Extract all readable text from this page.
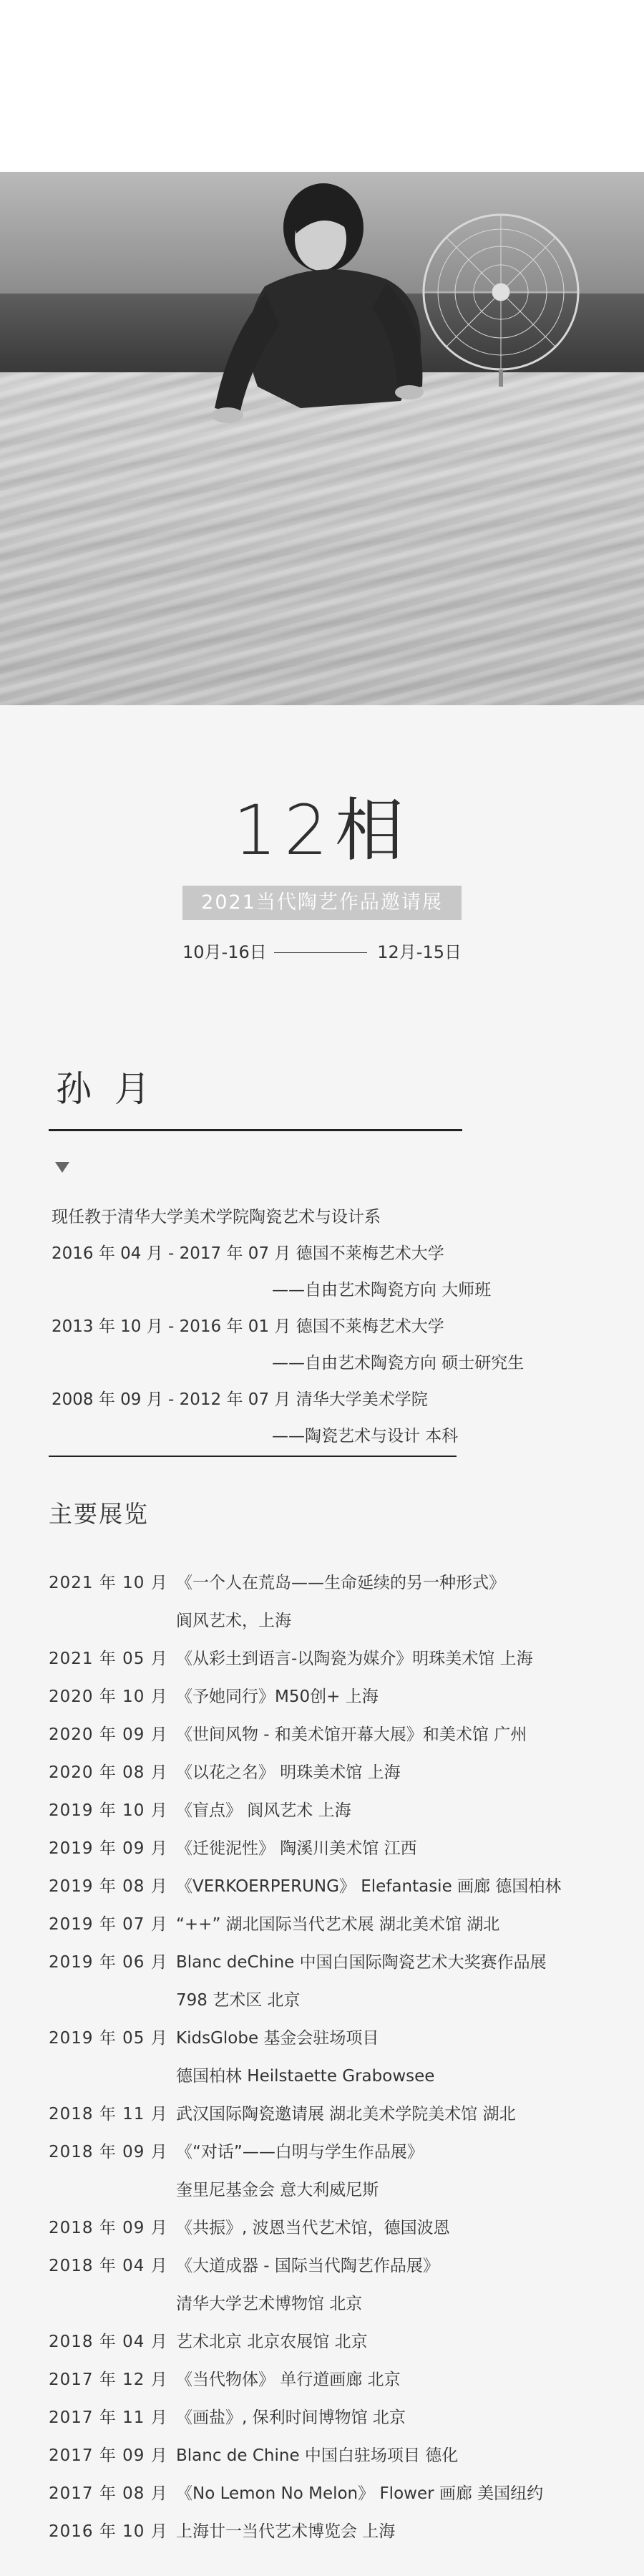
12相
2021当代陶艺作品邀请展
10月-16日	12月-15日
孙 月
现任教于清华大学美术学院陶瓷艺术与设计系
2016 年 04 月 - 2017 年 07 月 德国不莱梅艺术大学
——自由艺术陶瓷方向 大师班
2013 年 10 月 - 2016 年 01 月 德国不莱梅艺术大学
——自由艺术陶瓷方向 硕士研究生
2008 年 09 月 - 2012 年 07 月 清华大学美术学院
——陶瓷艺术与设计 本科
主要展览
2021 年 10 月 《一个人在荒岛——生命延续的另一种形式》
阆风艺术，上海
2021 年 05 月 《从彩土到语言-以陶瓷为媒介》明珠美术馆 上海
2020 年 10 月 《予她同行》M50创+ 上海
2020 年 09 月 《世间风物 - 和美术馆开幕大展》和美术馆 广州
2020 年 08 月 《以花之名》 明珠美术馆 上海
2019 年 10 月 《盲点》 阆风艺术 上海
2019 年 09 月 《迁徙泥性》 陶溪川美术馆 江西
2019 年 08 月 《VERKOERPERUNG》 Elefantasie 画廊 德国柏林
2019 年 07 月 “++” 湖北国际当代艺术展 湖北美术馆 湖北
2019 年 06 月 Blanc deChine 中国白国际陶瓷艺术大奖赛作品展
798 艺术区 北京
2019 年 05 月 KidsGlobe 基金会驻场项目
德国柏林 Heilstaette Grabowsee
2018 年 11 月 武汉国际陶瓷邀请展 湖北美术学院美术馆 湖北
2018 年 09 月 《“对话”——白明与学生作品展》
奎里尼基金会 意大利威尼斯
2018 年 09 月 《共振》, 波恩当代艺术馆，德国波恩
2018 年 04 月 《大道成器 - 国际当代陶艺作品展》
清华大学艺术博物馆 北京
2018 年 04 月 艺术北京 北京农展馆 北京
2017 年 12 月 《当代物体》 单行道画廊 北京
2017 年 11 月 《画盐》, 保利时间博物馆 北京
2017 年 09 月 Blanc de Chine 中国白驻场项目 德化
2017 年 08 月 《No Lemon No Melon》 Flower 画廊 美国纽约
2016 年 10 月 上海廿一当代艺术博览会 上海
